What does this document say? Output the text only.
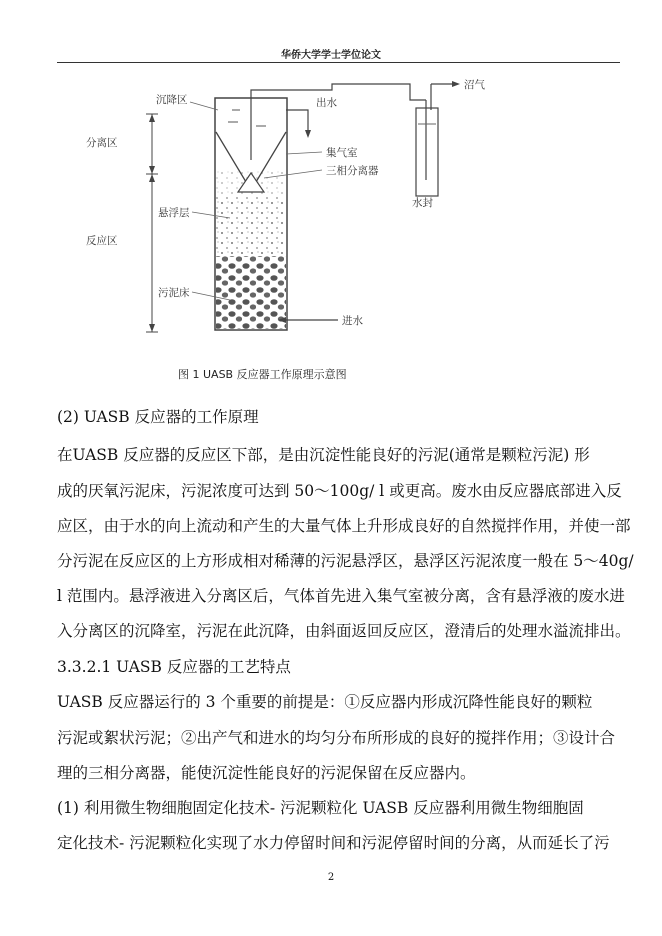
华侨大学学士学位论文
沉降区
分离区
出水
沼气
集气室
三相分离器
水封
悬浮层
反应区
污泥床
进水
图 1 UASB 反应器工作原理示意图
(2) UASB 反应器的工作原理
在UASB 反应器的反应区下部，是由沉淀性能良好的污泥(通常是颗粒污泥) 形
成的厌氧污泥床，污泥浓度可达到 50～100g/ l 或更高。废水由反应器底部进入反
应区，由于水的向上流动和产生的大量气体上升形成良好的自然搅拌作用，并使一部
分污泥在反应区的上方形成相对稀薄的污泥悬浮区，悬浮区污泥浓度一般在 5～40g/
l 范围内。悬浮液进入分离区后，气体首先进入集气室被分离，含有悬浮液的废水进
入分离区的沉降室，污泥在此沉降，由斜面返回反应区，澄清后的处理水溢流排出。
3.3.2.1 UASB 反应器的工艺特点
UASB 反应器运行的 3 个重要的前提是：①反应器内形成沉降性能良好的颗粒
污泥或絮状污泥；②出产气和进水的均匀分布所形成的良好的搅拌作用；③设计合
理的三相分离器，能使沉淀性能良好的污泥保留在反应器内。
(1) 利用微生物细胞固定化技术- 污泥颗粒化 UASB 反应器利用微生物细胞固
定化技术- 污泥颗粒化实现了水力停留时间和污泥停留时间的分离，从而延长了污
2
